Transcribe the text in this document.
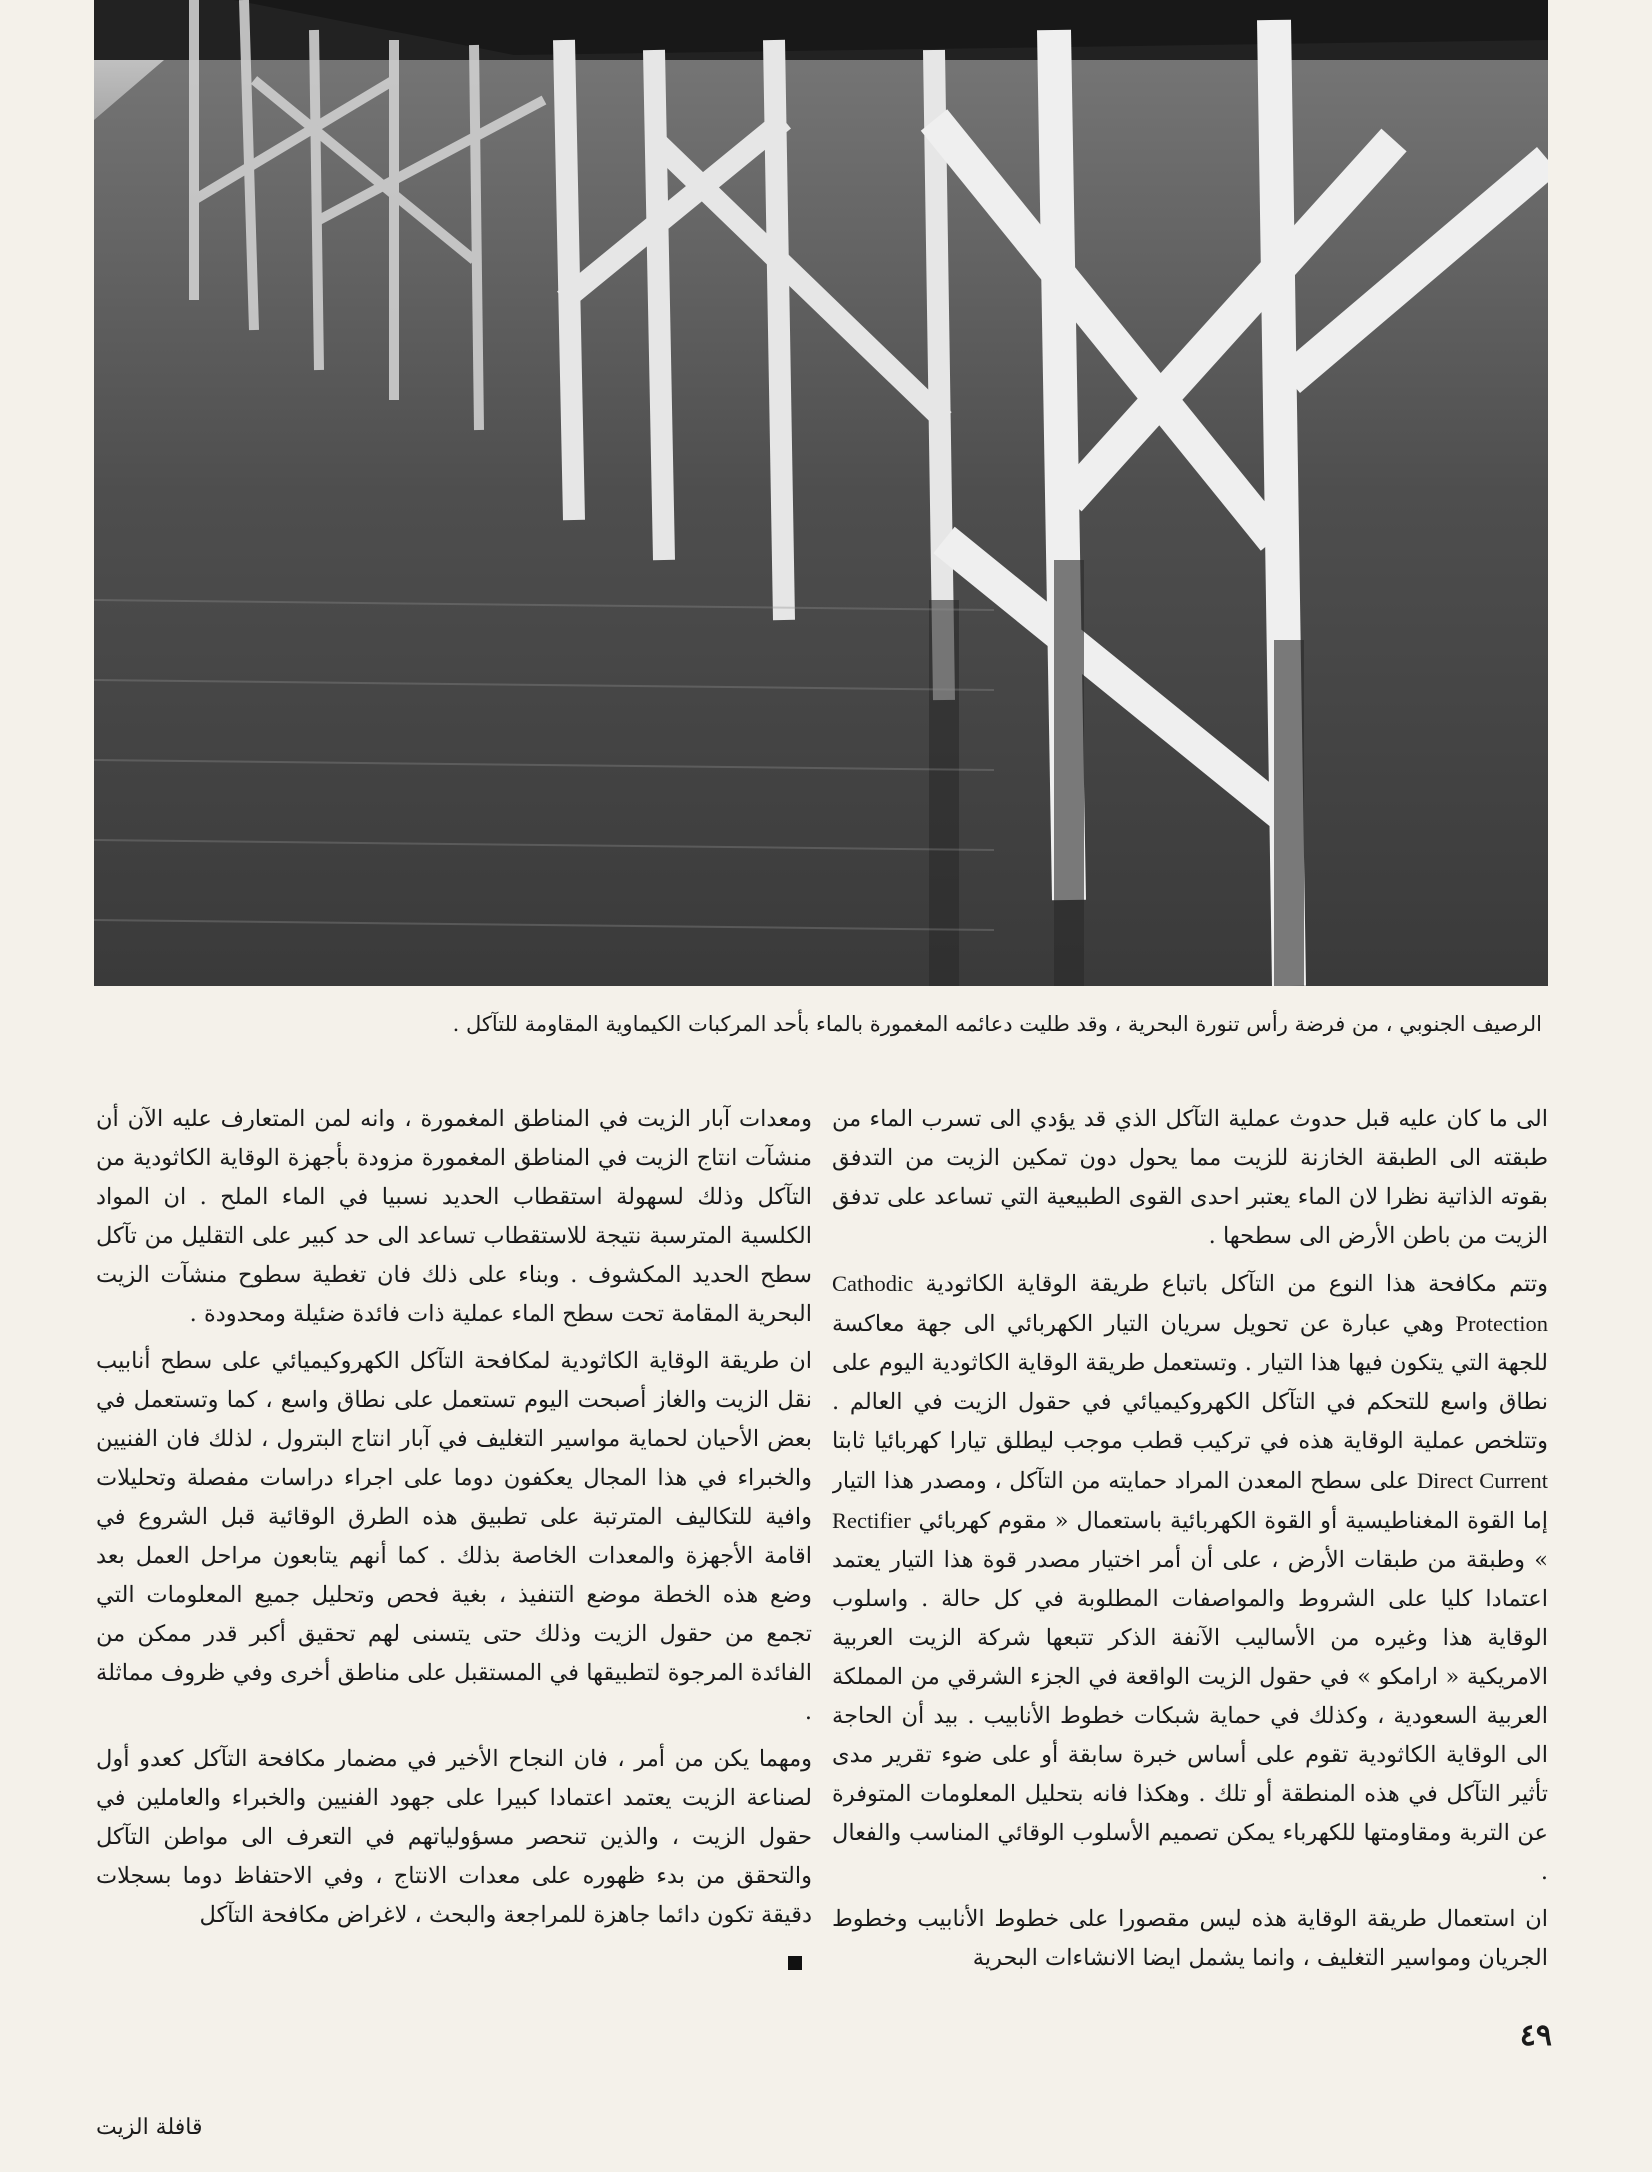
الرصيف الجنوبي ، من فرضة رأس تنورة البحرية ، وقد طليت دعائمه المغمورة بالماء بأحد المركبات الكيماوية المقاومة للتآكل .

الى ما كان عليه قبل حدوث عملية التآكل الذي قد يؤدي الى تسرب الماء من طبقته الى الطبقة الخازنة للزيت مما يحول دون تمكين الزيت من التدفق بقوته الذاتية نظرا لان الماء يعتبر احدى القوى الطبيعية التي تساعد على تدفق الزيت من باطن الأرض الى سطحها .

وتتم مكافحة هذا النوع من التآكل باتباع طريقة الوقاية الكاثودية Cathodic Protection وهي عبارة عن تحويل سريان التيار الكهربائي الى جهة معاكسة للجهة التي يتكون فيها هذا التيار . وتستعمل طريقة الوقاية الكاثودية اليوم على نطاق واسع للتحكم في التآكل الكهروكيميائي في حقول الزيت في العالم . وتتلخص عملية الوقاية هذه في تركيب قطب موجب ليطلق تيارا كهربائيا ثابتا Direct Current على سطح المعدن المراد حمايته من التآكل ، ومصدر هذا التيار إما القوة المغناطيسية أو القوة الكهربائية باستعمال « مقوم كهربائي Rectifier » وطبقة من طبقات الأرض ، على أن أمر اختيار مصدر قوة هذا التيار يعتمد اعتمادا كليا على الشروط والمواصفات المطلوبة في كل حالة . واسلوب الوقاية هذا وغيره من الأساليب الآنفة الذكر تتبعها شركة الزيت العربية الامريكية « ارامكو » في حقول الزيت الواقعة في الجزء الشرقي من المملكة العربية السعودية ، وكذلك في حماية شبكات خطوط الأنابيب . بيد أن الحاجة الى الوقاية الكاثودية تقوم على أساس خبرة سابقة أو على ضوء تقرير مدى تأثير التآكل في هذه المنطقة أو تلك . وهكذا فانه بتحليل المعلومات المتوفرة عن التربة ومقاومتها للكهرباء يمكن تصميم الأسلوب الوقائي المناسب والفعال .

ان استعمال طريقة الوقاية هذه ليس مقصورا على خطوط الأنابيب وخطوط الجريان ومواسير التغليف ، وانما يشمل ايضا الانشاءات البحرية

ومعدات آبار الزيت في المناطق المغمورة ، وانه لمن المتعارف عليه الآن أن منشآت انتاج الزيت في المناطق المغمورة مزودة بأجهزة الوقاية الكاثودية من التآكل وذلك لسهولة استقطاب الحديد نسبيا في الماء الملح . ان المواد الكلسية المترسبة نتيجة للاستقطاب تساعد الى حد كبير على التقليل من تآكل سطح الحديد المكشوف . وبناء على ذلك فان تغطية سطوح منشآت الزيت البحرية المقامة تحت سطح الماء عملية ذات فائدة ضئيلة ومحدودة .

ان طريقة الوقاية الكاثودية لمكافحة التآكل الكهروكيميائي على سطح أنابيب نقل الزيت والغاز أصبحت اليوم تستعمل على نطاق واسع ، كما وتستعمل في بعض الأحيان لحماية مواسير التغليف في آبار انتاج البترول ، لذلك فان الفنيين والخبراء في هذا المجال يعكفون دوما على اجراء دراسات مفصلة وتحليلات وافية للتكاليف المترتبة على تطبيق هذه الطرق الوقائية قبل الشروع في اقامة الأجهزة والمعدات الخاصة بذلك . كما أنهم يتابعون مراحل العمل بعد وضع هذه الخطة موضع التنفيذ ، بغية فحص وتحليل جميع المعلومات التي تجمع من حقول الزيت وذلك حتى يتسنى لهم تحقيق أكبر قدر ممكن من الفائدة المرجوة لتطبيقها في المستقبل على مناطق أخرى وفي ظروف مماثلة .

ومهما يكن من أمر ، فان النجاح الأخير في مضمار مكافحة التآكل كعدو أول لصناعة الزيت يعتمد اعتمادا كبيرا على جهود الفنيين والخبراء والعاملين في حقول الزيت ، والذين تنحصر مسؤولياتهم في التعرف الى مواطن التآكل والتحقق من بدء ظهوره على معدات الانتاج ، وفي الاحتفاظ دوما بسجلات دقيقة تكون دائما جاهزة للمراجعة والبحث ، لاغراض مكافحة التآكل

٤٩
قافلة الزيت
